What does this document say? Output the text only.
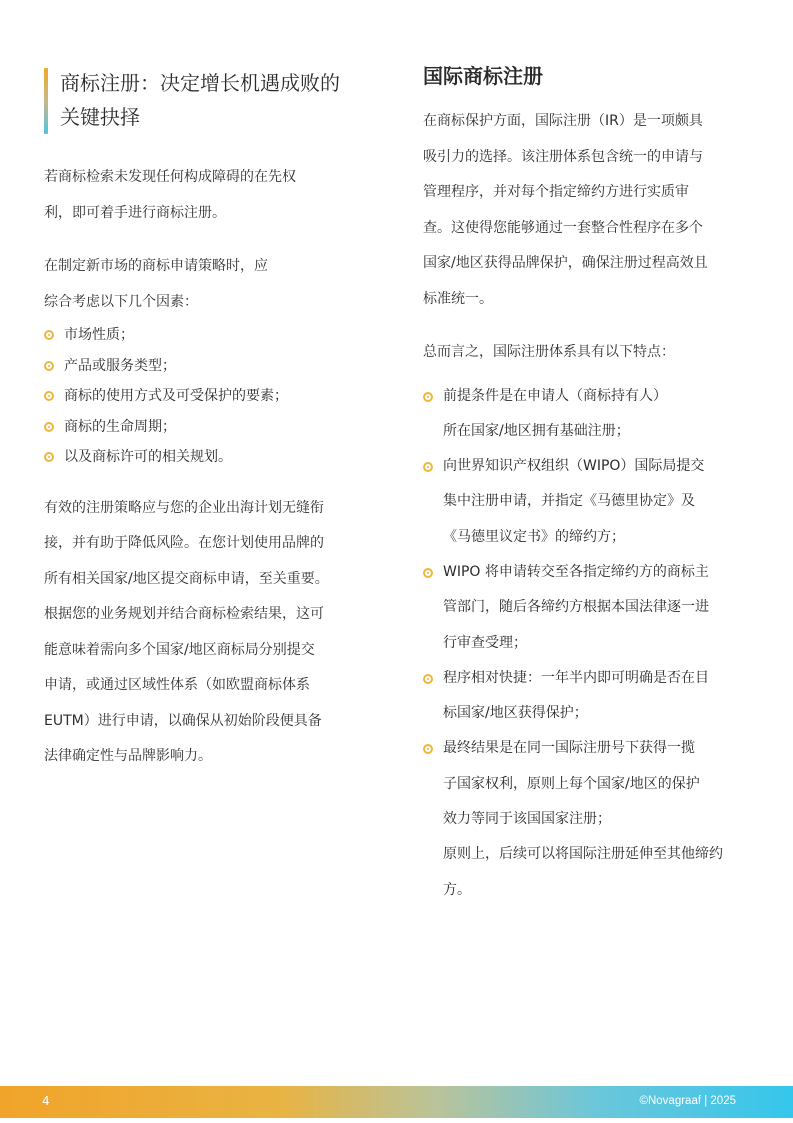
商标注册：决定增长机遇成败的
关键抉择

若商标检索未发现任何构成障碍的在先权
利，即可着手进行商标注册。

在制定新市场的商标申请策略时，应
综合考虑以下几个因素：

市场性质；
产品或服务类型；
商标的使用方式及可受保护的要素；
商标的生命周期；
以及商标许可的相关规划。

有效的注册策略应与您的企业出海计划无缝衔
接，并有助于降低风险。在您计划使用品牌的
所有相关国家/地区提交商标申请，至关重要。
根据您的业务规划并结合商标检索结果，这可
能意味着需向多个国家/地区商标局分别提交
申请，或通过区域性体系（如欧盟商标体系
EUTM）进行申请，以确保从初始阶段便具备
法律确定性与品牌影响力。

国际商标注册

在商标保护方面，国际注册（IR）是一项颇具
吸引力的选择。该注册体系包含统一的申请与
管理程序，并对每个指定缔约方进行实质审
查。这使得您能够通过一套整合性程序在多个
国家/地区获得品牌保护，确保注册过程高效且
标准统一。

总而言之，国际注册体系具有以下特点：

前提条件是在申请人（商标持有人）
所在国家/地区拥有基础注册；
向世界知识产权组织（WIPO）国际局提交
集中注册申请，并指定《马德里协定》及
《马德里议定书》的缔约方；
WIPO 将申请转交至各指定缔约方的商标主
管部门，随后各缔约方根据本国法律逐一进
行审查受理；
程序相对快捷：一年半内即可明确是否在目
标国家/地区获得保护；
最终结果是在同一国际注册号下获得一揽
子国家权利，原则上每个国家/地区的保护
效力等同于该国国家注册；
原则上，后续可以将国际注册延伸至其他缔约
方。
4	©Novagraaf | 2025
